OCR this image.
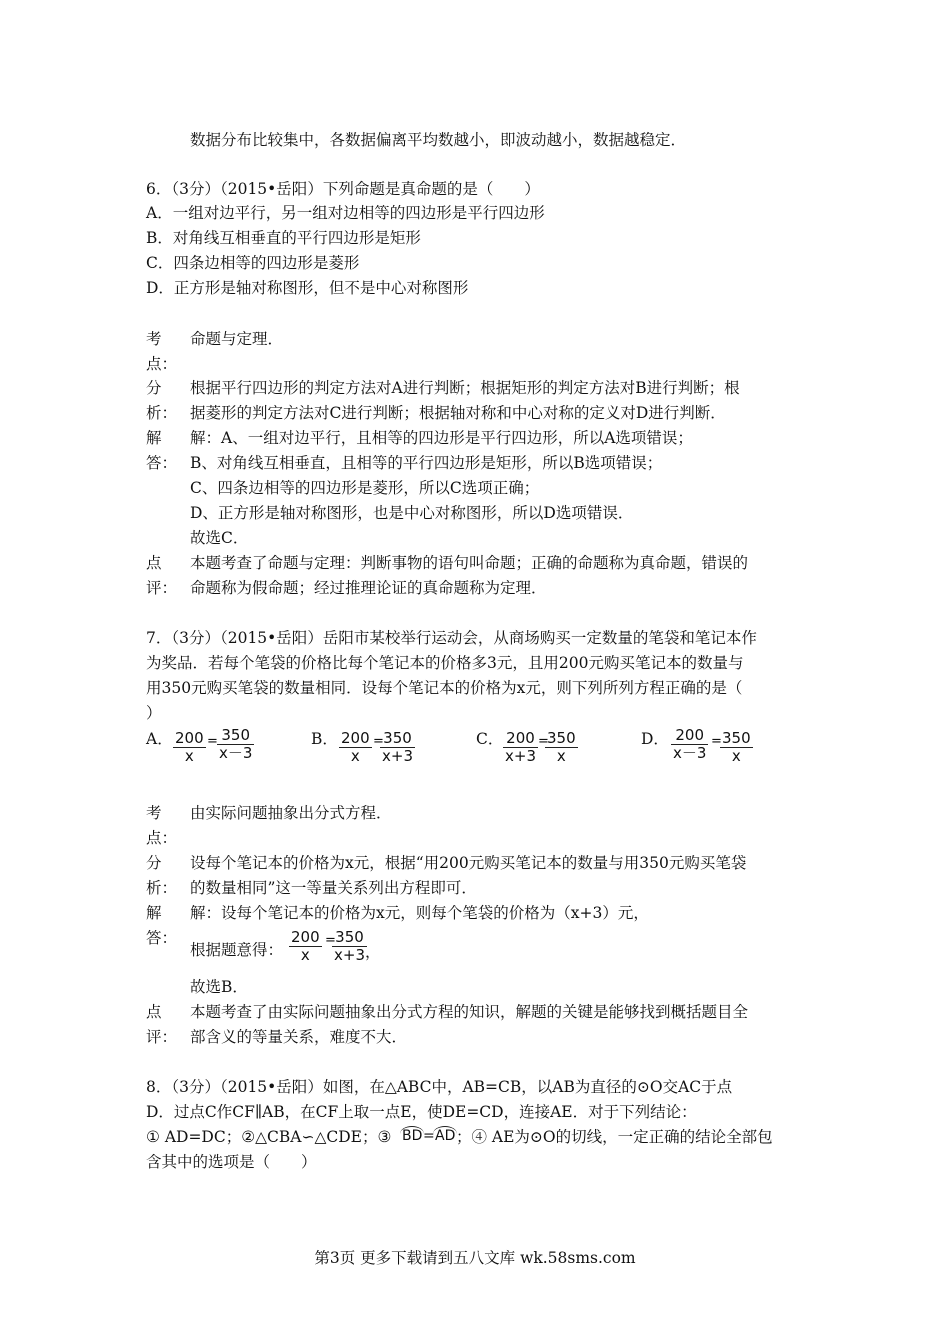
数据分布比较集中，各数据偏离平均数越小，即波动越小，数据越稳定．
6．（3分）（2015•岳阳）下列命题是真命题的是（　　）
A．一组对边平行，另一组对边相等的四边形是平行四边形
B．对角线互相垂直的平行四边形是矩形
C．四条边相等的四边形是菱形
D．正方形是轴对称图形，但不是中心对称图形
考
点：
命题与定理．
分
析：
根据平行四边形的判定方法对A进行判断；根据矩形的判定方法对B进行判断；根
据菱形的判定方法对C进行判断；根据轴对称和中心对称的定义对D进行判断．
解
答：
解：A、一组对边平行，且相等的四边形是平行四边形，所以A选项错误；
B、对角线互相垂直，且相等的平行四边形是矩形，所以B选项错误；
C、四条边相等的四边形是菱形，所以C选项正确；
D、正方形是轴对称图形，也是中心对称图形，所以D选项错误．
故选C．
点
评：
本题考查了命题与定理：判断事物的语句叫命题；正确的命题称为真命题，错误的
命题称为假命题；经过推理论证的真命题称为定理．
7．（3分）（2015•岳阳）岳阳市某校举行运动会，从商场购买一定数量的笔袋和笔记本作
为奖品．若每个笔袋的价格比每个笔记本的价格多3元，且用200元购买笔记本的数量与
用350元购买笔袋的数量相同．设每个笔记本的价格为x元，则下列所列方程正确的是（
）
A． $\frac{200}{x} = \frac{350}{x-3}$	B． $\frac{200}{x}$ =
$\frac{350}{x+3}$	C． $\frac{200}{x+3}$ =
$\frac{350}{x}$	D． $\frac{200}{x-3}$ =
$\frac{350}{x}$
考
点：
由实际问题抽象出分式方程．
分
析：
设每个笔记本的价格为x元，根据“用200元购买笔记本的数量与用350元购买笔袋
的数量相同”这一等量关系列出方程即可．
解
答：
解：设每个笔记本的价格为x元，则每个笔袋的价格为（x+3）元，
根据题意得： $\frac{200}{x}$ =
$\frac{350}{x+3}$
，
故选B．
点
评：
本题考查了由实际问题抽象出分式方程的知识，解题的关键是能够找到概括题目全
部含义的等量关系，难度不大．
8．（3分）（2015•岳阳）如图，在△ABC中，AB=CB，以AB为直径的⊙O交AC于点
D．过点C作CF∥AB，在CF上取一点E，使DE=CD，连接AE．对于下列结论：
① AD=DC；②△CBA∽△CDE；③ BD = AD ；④ AE为⊙O的切线，一定正确的结论全部包
含其中的选项是（　　）
第3页 更多下载请到五八文库 wk.58sms.com
